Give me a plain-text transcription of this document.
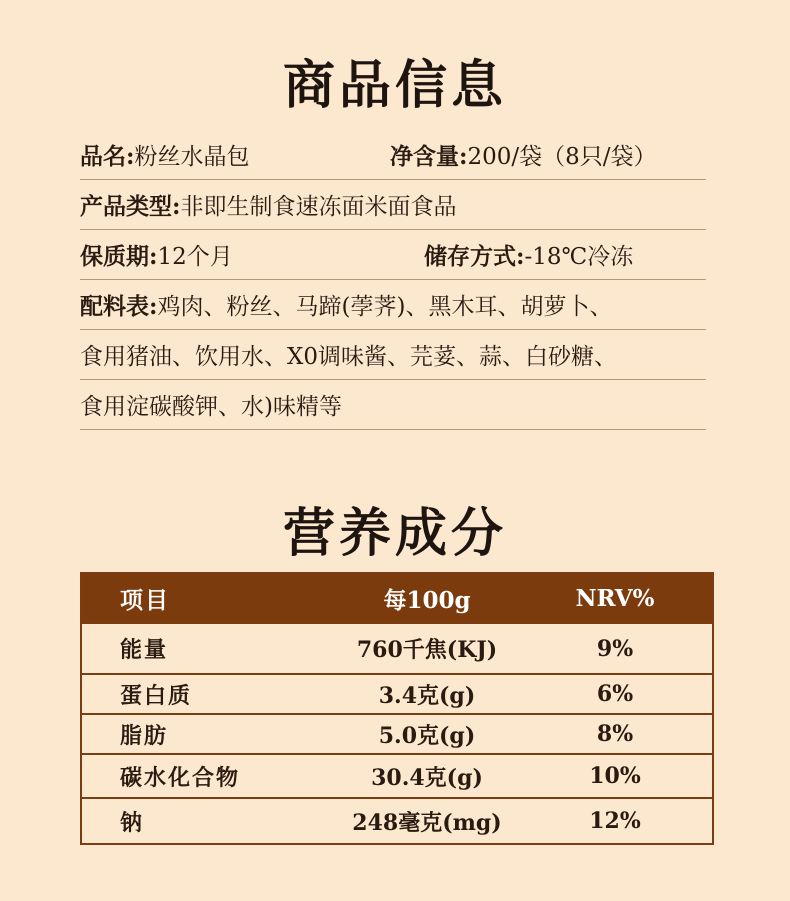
商品信息
品名: 粉丝水晶包	净含量:200/袋（8只/袋）
产品类型: 非即生制食速冻面米面食品
保质期: 12个月	储存方式:-18℃冷冻
配料表: 鸡肉、粉丝、马蹄(荸荠)、黑木耳、胡萝卜、
食用猪油、饮用水、X0调味酱、芫荽、蒜、白砂糖、
食用淀碳酸钾、水)味精等
营养成分
项目	每100g	NRV%
能量	760千焦(KJ)	9%
蛋白质	3.4克(g)	6%
脂肪	5.0克(g)	8%
碳水化合物	30.4克(g)	10%
钠	248毫克(mg)	12%
